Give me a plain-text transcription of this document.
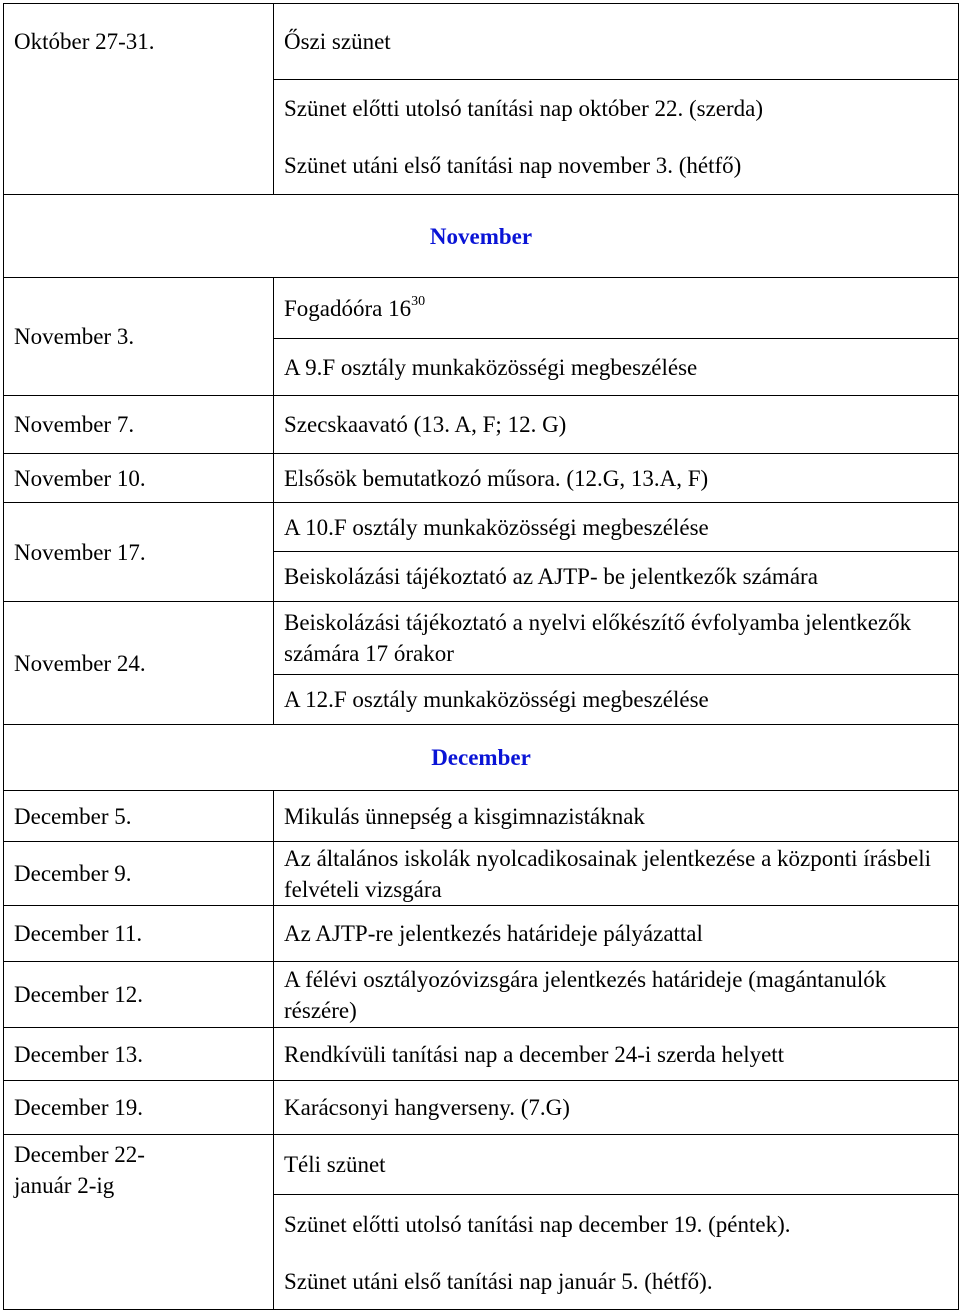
Október 27-31.	Őszi szünet
	Szünet előtti utolsó tanítási nap október 22. (szerda)
	Szünet utáni első tanítási nap november 3. (hétfő)
November	
November 3.	Fogadóóra $16^{30}$
	A 9.F osztály munkaközösségi megbeszélése
November 7.	Szecskaavató (13. A, F; 12. G)
November 10.	Elsősök bemutatkozó műsora. (12.G, 13.A, F)
November 17.	A 10.F osztály munkaközösségi megbeszélése
	Beiskolázási tájékoztató az AJTP- be jelentkezők számára
November 24.	Beiskolázási tájékoztató a nyelvi előkészítő évfolyamba jelentkezők számára 17 órakor
	A 12.F osztály munkaközösségi megbeszélése
December	
December 5.	Mikulás ünnepség a kisgimnazistáknak
December 9.	Az általános iskolák nyolcadikosainak jelentkezése a központi írásbeli felvételi vizsgára
December 11.	Az AJTP-re jelentkezés határideje pályázattal
December 12.	A félévi osztályozóvizsgára jelentkezés határideje (magántanulók részére)
December 13.	Rendkívüli tanítási nap a december 24-i szerda helyett
December 19.	Karácsonyi hangverseny. (7.G)
December 22- január 2-ig	Téli szünet
	Szünet előtti utolsó tanítási nap december 19. (péntek).
	Szünet utáni első tanítási nap január 5. (hétfő).
